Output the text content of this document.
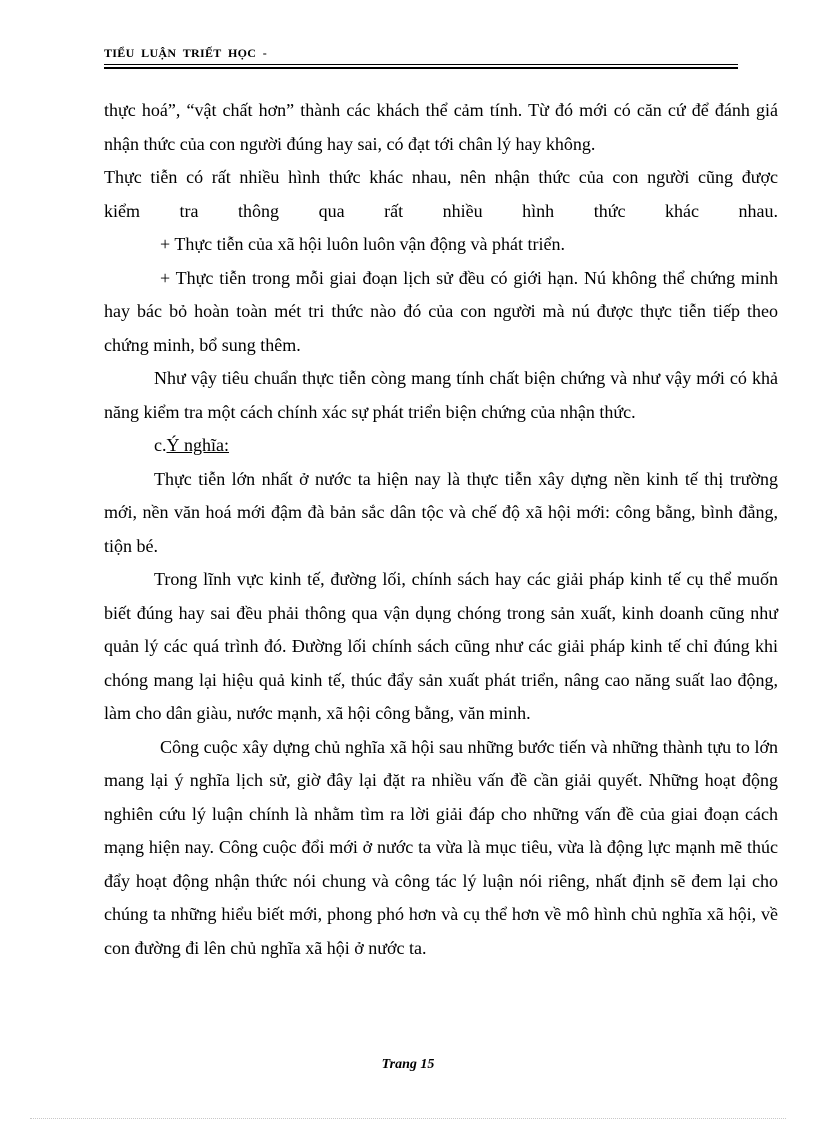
TIỂU  LUẬN  TRIẾT  HỌC  -

thực hoá”, “vật chất hơn” thành các khách thể cảm tính. Từ đó mới có căn cứ để đánh giá nhận thức của con người đúng hay sai, có đạt tới chân lý hay không.

Thực tiễn có rất nhiều hình thức khác nhau, nên nhận thức của con người cũng được

kiểm tra thông qua rất nhiều hình thức khác nhau.

+ Thực tiễn của xã hội luôn luôn vận động và phát triển.

+ Thực tiễn trong mỗi giai đoạn lịch sử đều có giới hạn. Nú không thể chứng minh hay bác bỏ hoàn toàn mét tri thức nào đó của con người mà nú được thực tiễn tiếp theo chứng minh, bổ sung thêm.

Như vậy tiêu chuẩn thực tiễn còng mang tính chất biện chứng và như vậy mới có khả năng kiểm tra một cách chính xác sự phát triển biện chứng của nhận thức.

c.Ý nghĩa:

Thực tiễn lớn nhất ở nước ta hiện nay là thực tiễn xây dựng nền kinh tế thị trường mới, nền văn hoá mới đậm đà bản sắc dân tộc và chế độ xã hội mới: công bằng, bình đẳng, tiộn bé.

Trong lĩnh vực kinh tế, đường lối, chính sách hay các giải pháp kinh tế cụ thể muốn biết đúng hay sai đều phải thông qua vận dụng chóng trong sản xuất, kinh doanh cũng như quản lý các quá trình đó. Đường lối chính sách cũng như các giải pháp kinh tế chỉ đúng khi chóng mang lại hiệu quả kinh tế, thúc đẩy sản xuất phát triển, nâng cao năng suất lao động, làm cho dân giàu, nước mạnh, xã hội công bằng, văn minh.

Công cuộc xây dựng chủ nghĩa xã hội sau những bước tiến và những thành tựu to lớn mang lại ý nghĩa lịch sử, giờ đây lại đặt ra nhiều vấn đề cần giải quyết. Những hoạt động nghiên cứu lý luận chính là nhằm tìm ra lời giải đáp cho những vấn đề của giai đoạn cách mạng hiện nay. Công cuộc đổi mới ở nước ta vừa là mục tiêu, vừa là động lực mạnh mẽ thúc đẩy hoạt động nhận thức nói chung và công tác lý luận nói riêng, nhất định sẽ đem lại cho chúng ta những hiểu biết mới, phong phó hơn và cụ thể hơn về mô hình chủ nghĩa xã hội, về con đường đi lên chủ nghĩa xã hội ở nước ta.

Trang 15
